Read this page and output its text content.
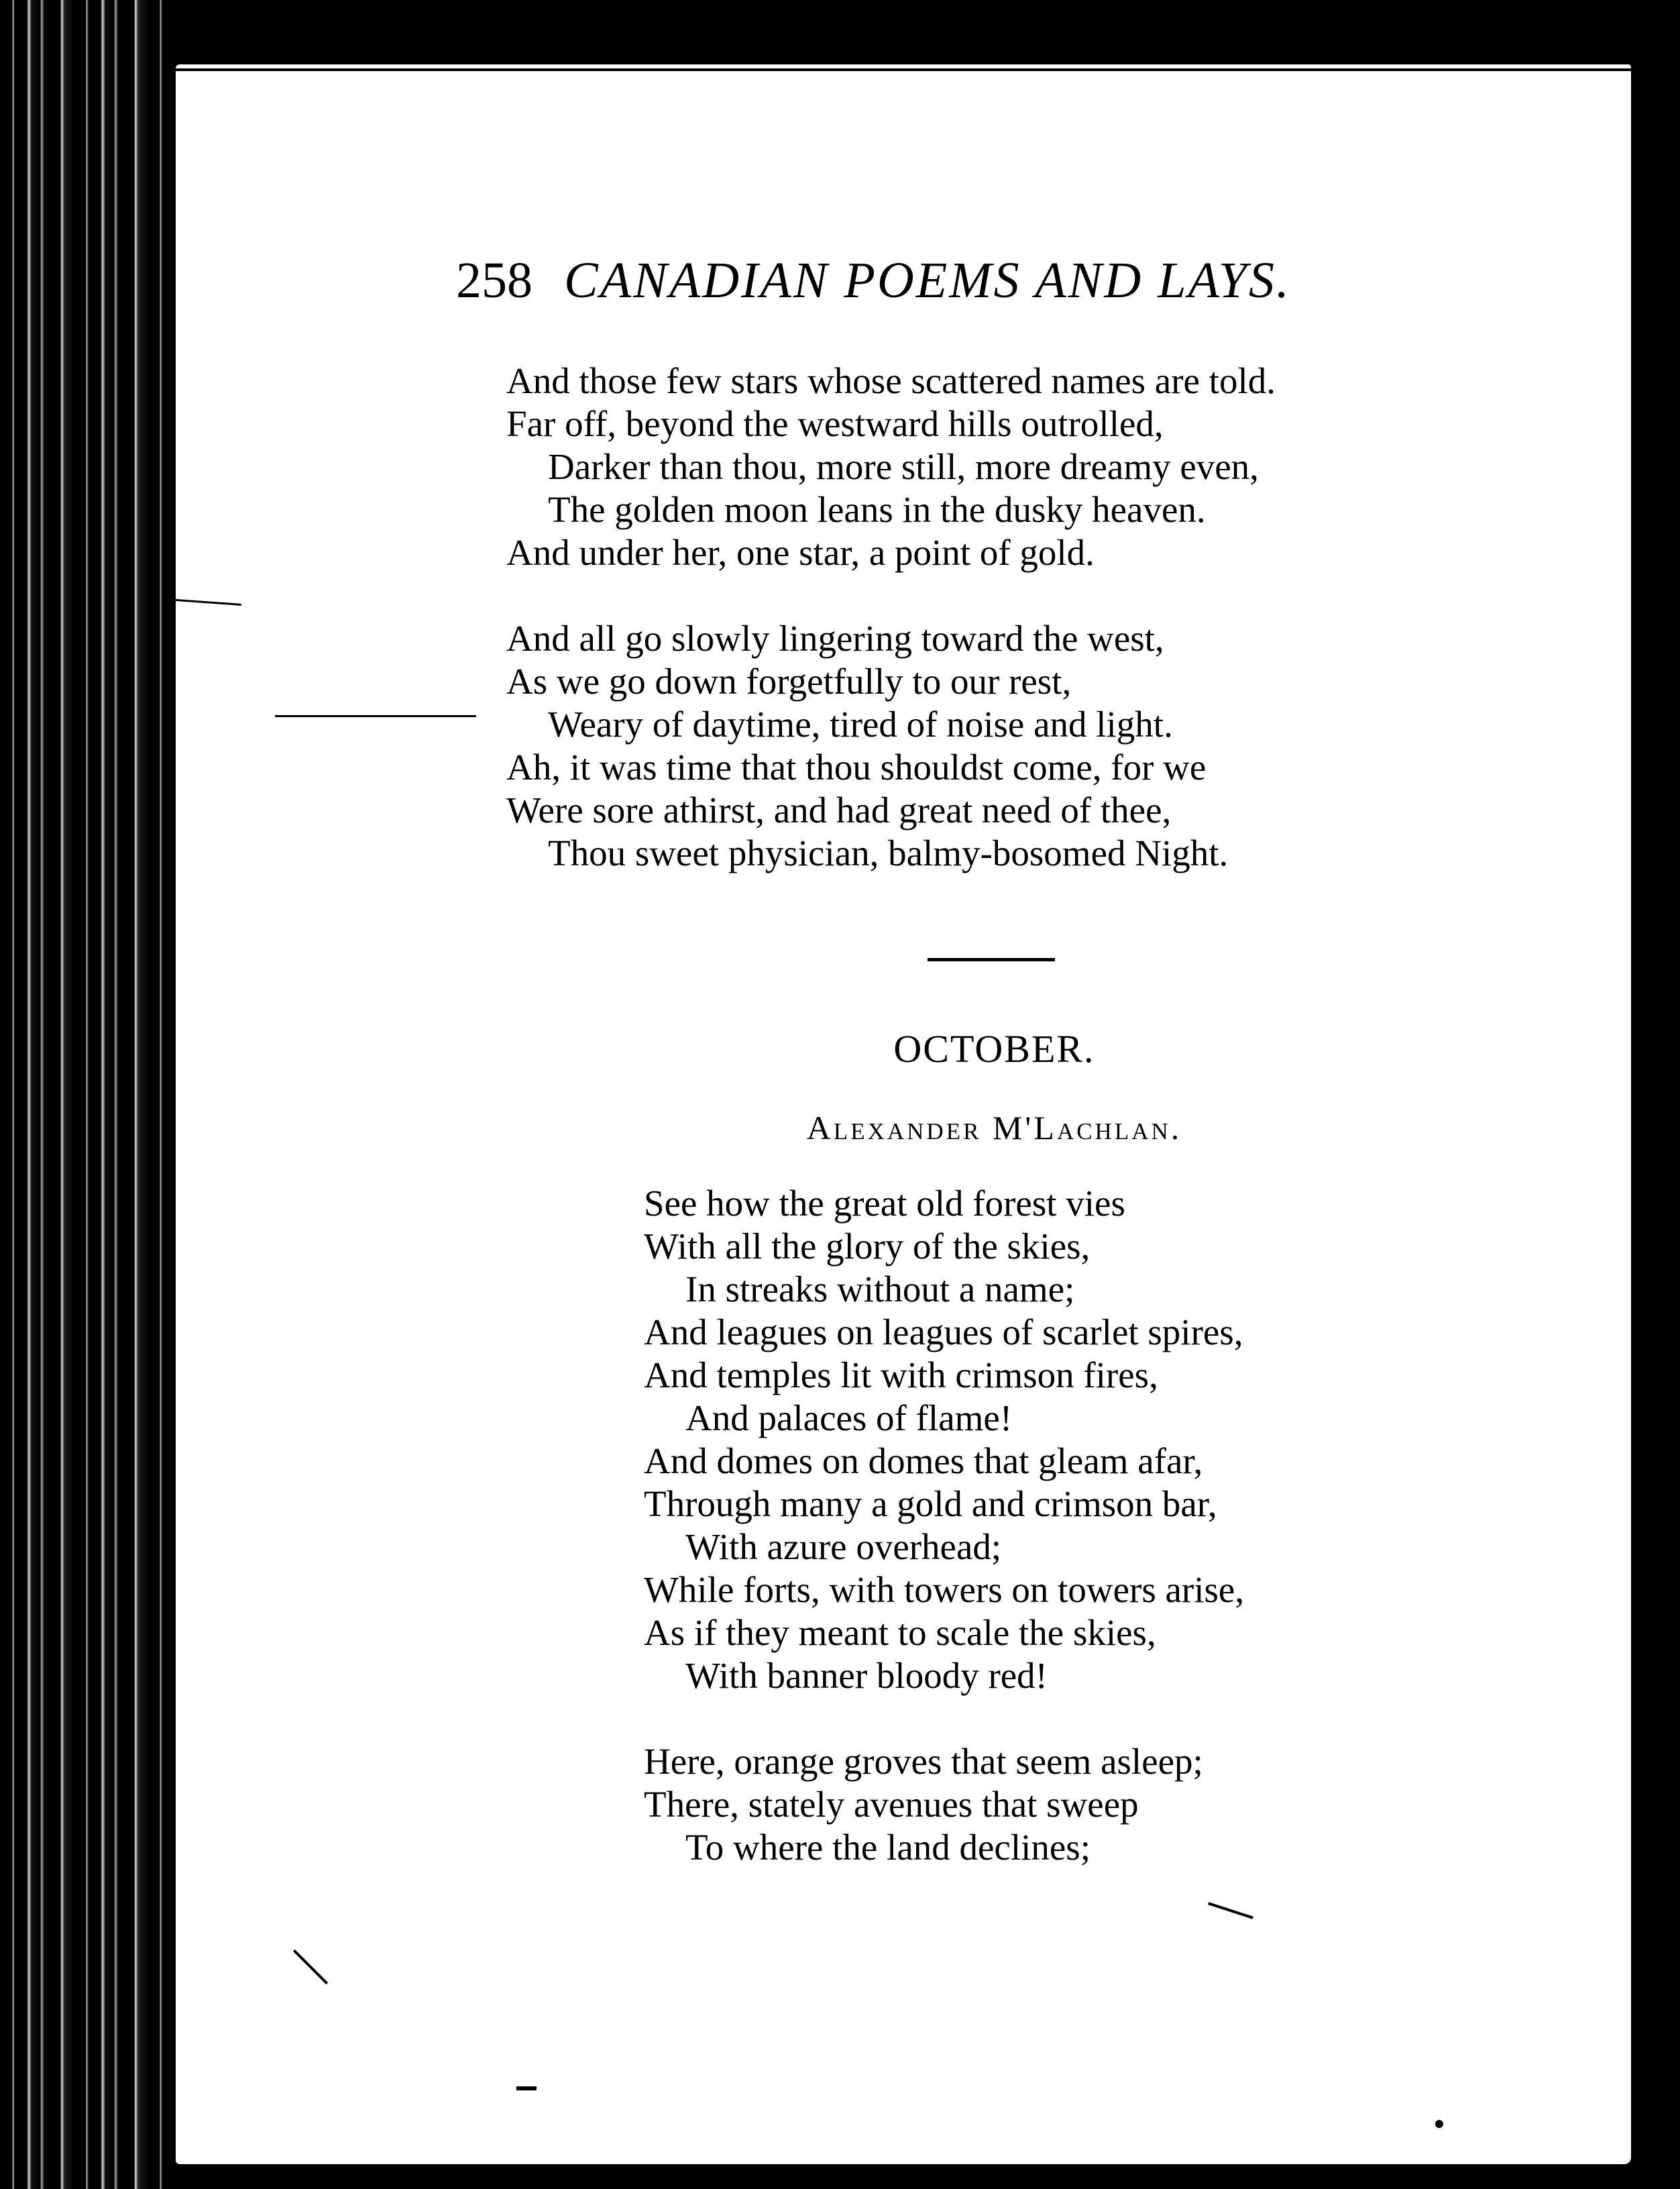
258 CANADIAN POEMS AND LAYS.
And those few stars whose scattered names are told.
Far off, beyond the westward hills outrolled,
Darker than thou, more still, more dreamy even,
The golden moon leans in the dusky heaven.
And under her, one star, a point of gold.
And all go slowly lingering toward the west,
As we go down forgetfully to our rest,
Weary of daytime, tired of noise and light.
Ah, it was time that thou shouldst come, for we
Were sore athirst, and had great need of thee,
Thou sweet physician, balmy-bosomed Night.
OCTOBER.
Alexander M'Lachlan.
See how the great old forest vies
With all the glory of the skies,
In streaks without a name;
And leagues on leagues of scarlet spires,
And temples lit with crimson fires,
And palaces of flame!
And domes on domes that gleam afar,
Through many a gold and crimson bar,
With azure overhead;
While forts, with towers on towers arise,
As if they meant to scale the skies,
With banner bloody red!
Here, orange groves that seem asleep;
There, stately avenues that sweep
To where the land declines;
